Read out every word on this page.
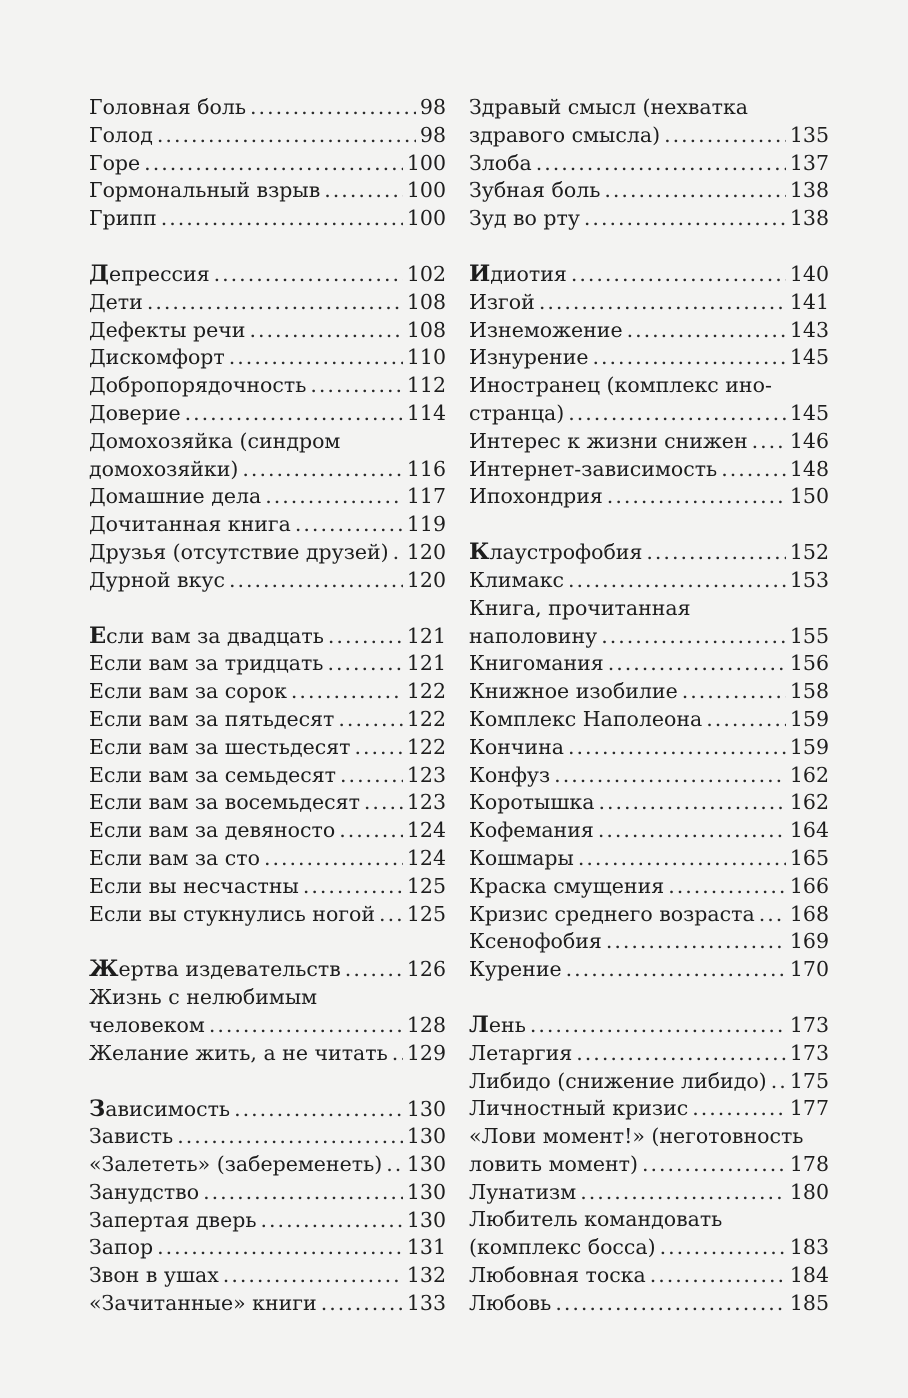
Головная боль .....	98
Голод .....	98
Горе .....	100
Гормональный взрыв .....	100
Грипп .....	100
Депрессия .....	102
Дети .....	108
Дефекты речи .....	108
Дискомфорт .....	110
Добропорядочность .....	112
Доверие .....	114
Домохозяйка (синдром
домохозяйки) .....	116
Домашние дела .....	117
Дочитанная книга .....	119
Друзья (отсутствие друзей) ..... 120
Дурной вкус .....	120
Если вам за двадцать .....	121
Если вам за тридцать .....	121
Если вам за сорок .....	122
Если вам за пятьдесят .....	122
Если вам за шестьдесят .....	122
Если вам за семьдесят .....	123
Если вам за восемьдесят ..... 123
Если вам за девяносто .....	124
Если вам за сто .....	124
Если вы несчастны .....	125
Если вы стукнулись ногой ..... 125
Жертва издевательств .....	126
Жизнь с нелюбимым
человеком .....	128
Желание жить, а не читать ..... 129
Зависимость .....	130
Зависть .....	130
«Залететь» (забеременеть) ..... 130
Занудство .....	130
Запертая дверь .....	130
Запор .....	131
Звон в ушах .....	132
«Зачитанные» книги .....	133
Здравый смысл (нехватка
здравого смысла) .....	135
Злоба .....	137
Зубная боль .....	138
Зуд во рту .....	138
Идиотия .....	140
Изгой .....	141
Изнеможение .....	143
Изнурение .....	145
Иностранец (комплекс ино-
странца) .....	145
Интерес к жизни снижен ..... 146
Интернет-зависимость .....	148
Ипохондрия .....	150
Клаустрофобия .....	152
Климакс .....	153
Книга, прочитанная
наполовину .....	155
Книгомания .....	156
Книжное изобилие .....	158
Комплекс Наполеона .....	159
Кончина .....	159
Конфуз .....	162
Коротышка .....	162
Кофемания .....	164
Кошмары .....	165
Краска смущения .....	166
Кризис среднего возраста ..... 168
Ксенофобия .....	169
Курение .....	170
Лень .....	173
Летаргия .....	173
Либидо (снижение либидо) ..... 175
Личностный кризис .....	177
«Лови момент!» (неготовность
ловить момент) .....	178
Лунатизм .....	180
Любитель командовать
(комплекс босса) .....	183
Любовная тоска .....	184
Любовь .....	185
